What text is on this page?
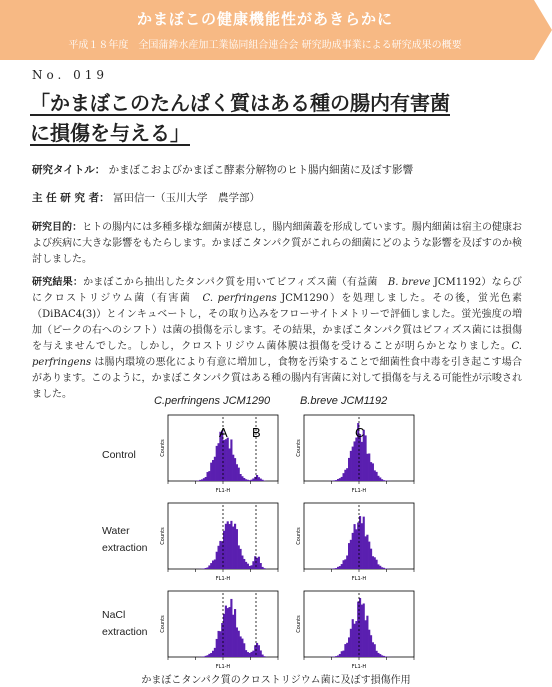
かまぼこの健康機能性があきらかに
平成１８年度　全国蒲鉾水産加工業協同組合連合会 研究助成事業による研究成果の概要
No. 019
「かまぼこのたんぱく質はある種の腸内有害菌
に損傷を与える」
研究タイトル： かまぼこおよびかまぼこ酵素分解物のヒト腸内細菌に及ぼす影響
主 任 研 究 者： 冨田信一（玉川大学　農学部）
研究目的：ヒトの腸内には多種多様な細菌が棲息し，腸内細菌叢を形成しています。腸内細菌は宿主の健康および疾病に大きな影響をもたらします。かまぼこタンパク質がこれらの細菌にどのような影響を及ぼすのか検討しました。
研究結果：かまぼこから抽出したタンパク質を用いてビフィズス菌（有益菌　B. breve JCM1192）ならびにクロストリジウム菌（有害菌　C. perfringens JCM1290）を処理しました。その後，蛍光色素（DiBAC4(3)）とインキュベートし，その取り込みをフローサイトメトリーで評価しました。蛍光強度の増加（ピークの右へのシフト）は菌の損傷を示します。その結果，かまぼこタンパク質はビフィズス菌には損傷を与えませんでした。しかし，クロストリジウム菌体膜は損傷を受けることが明らかとなりました。C. perfringens は腸内環境の悪化により有意に増加し，食物を汚染することで細菌性食中毒を引き起こす場合があります。このように，かまぼこタンパク質はある種の腸内有害菌に対して損傷を与える可能性が示唆されました。
C.perfringens JCM1290	B.breve JCM1192
Control
Water
extraction
NaCl
extraction
FL1-H
Counts
FL1-H
Counts
FL1-H
Counts
FL1-H
Counts
FL1-H
Counts
FL1-H
Counts
A B	C
かまぼこタンパク質のクロストリジウム菌に及ぼす損傷作用
